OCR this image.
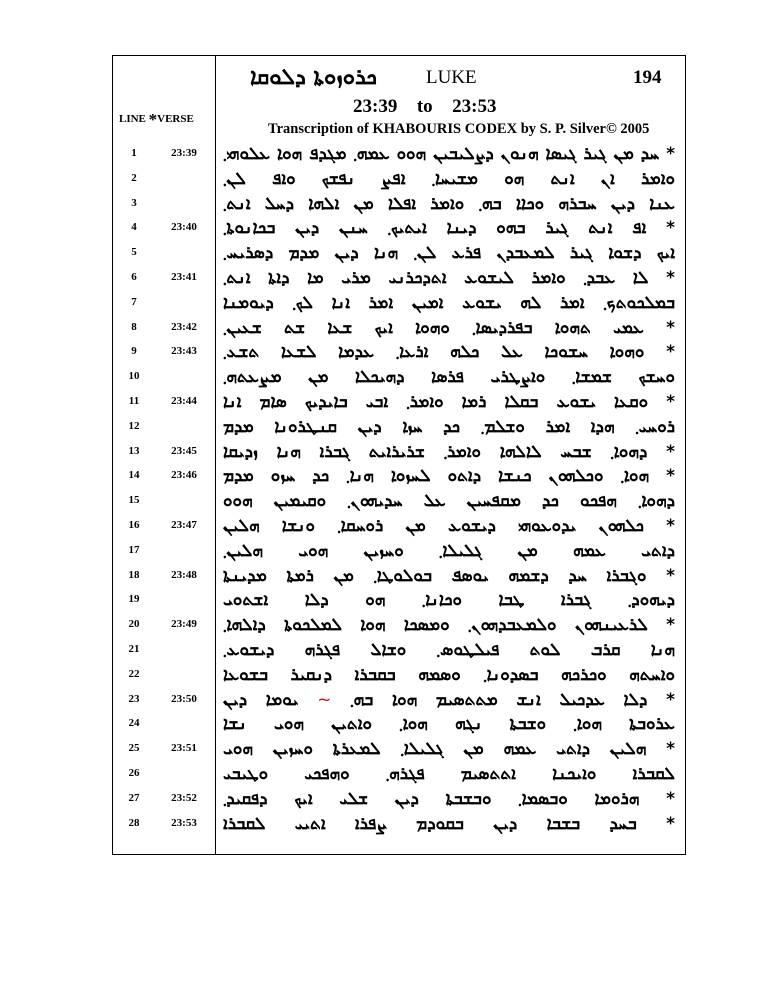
ܟܪܘܙܘܬܐ ܕܠܘܩܐ	LUKE	194
23:39 to 23:53
Transcription of KHABOURIS CODEX by S. P. Silver© 2005
LINE *VERSE
1	23:39 * ܚܕ ܡܢ ܓܝܪ ܓܝܣܐ ܗܢܘܢ ܕܨܠܝܒܝܢ ܗܘܘ ܥܡܗ܂ ܡܓܕܦ ܗܘܐ ܥܠܘܗܝ܂
2	ܘܐܡܪ ܐܢ ܐܢܬ ܗܘ ܡܫܝܚܐ܂ ܐܦܨ ܢܦܫܟ ܘܐܦ ܠܢ܂
3	ܥܢܐ ܕܝܢ ܚܒܪܗ ܘܟܐܐ ܒܗ܂ ܘܐܡܪ ܐܦܠܐ ܡܢ ܐܠܗܐ ܕܚܠ ܐܢܬ܂
4	23:40 * ܐܦ ܐܢܬ ܓܝܪ ܒܗܘ ܕܝܢܐ ܐܝܬܝܟ܂ ܚܢܢ ܕܝܢ ܒܟܐܢܘܬܐ܂
5	ܐܝܟ ܕܫܘܐ ܓܝܪ ܠܡܥܒܕܢ ܦܪܥ ܠܢ܂ ܗܢܐ ܕܝܢ ܡܕܡ ܕܣܪܝܚ܂
6	23:41 * ܠܐ ܥܒܕ܂ ܘܐܡܪ ܠܝܫܘܥ ܐܬܕܟܪܢܝ ܡܪܝ ܡܐ ܕܐܬܐ ܐܢܬ܂
7	ܒܡܠܟܘܬܟ܂ ܐܡܪ ܠܗ ܝܫܘܥ ܐܡܝܢ ܐܡܪ ܐܢܐ ܠܟ܂ ܕܝܘܡܢܐ
8	23:42 * ܥܡܝ ܬܗܘܐ ܒܦܪܕܝܣܐ܂ ܘܗܘܐ ܐܝܟ ܫܥܐ ܫܬ ܫܥܝܢ܂
9	23:43 * ܘܗܘܐ ܚܫܘܟܐ ܥܠ ܟܠܗ ܐܪܥܐ܂ ܥܕܡܐ ܠܫܥܐ ܬܫܥ܂
10	ܘܚܫܟ ܫܡܫܐ܂ ܘܐܨܛܪܝ ܦܪܣܐ ܕܗܝܟܠܐ ܡܢ ܡܨܥܬܗ܂
11	23:44 * ܘܩܥܐ ܝܫܘܥ ܒܩܠܐ ܪܡܐ ܘܐܡܪ܂ ܐܒܝ ܒܐܝܕܝܟ ܣܐܡ ܐܢܐ
12	ܪܘܚܝ܂ ܗܕܐ ܐܡܪ ܘܫܠܡ܂ ܟܕ ܚܙܐ ܕܝܢ ܩܢܛܪܘܢܐ ܡܕܡ
13	23:45 * ܕܗܘܐ܂ ܫܒܚ ܠܐܠܗܐ ܘܐܡܪ܂ ܫܪܝܪܐܝܬ ܓܒܪܐ ܗܢܐ ܙܕܝܩܐ
14	23:46 * ܗܘܐ܂ ܘܟܠܗܘܢ ܟܢܫܐ ܕܐܬܘ ܠܚܙܘܐ ܗܢܐ܂ ܟܕ ܚܙܘ ܡܕܡ
15	ܕܗܘܐ܂ ܗܦܟܘ ܟܕ ܡܩܦܚܝܢ ܥܠ ܚܕܝܗܘܢ܂ ܘܩܝܡܝܢ ܗܘܘ
16	23:47 * ܟܠܗܘܢ ܝܕܘܥܘܗܝ ܕܝܫܘܥ ܡܢ ܪܘܚܩܐ܂ ܘܢܫܐ ܗܠܝܢ
17	ܕܐܬܝ ܥܡܗ ܡܢ ܓܠܝܠܐ܂ ܘܚܙܝܢ ܗܘܝ ܗܠܝܢ܂
18	23:48 * ܘܓܒܪܐ ܚܕ ܕܫܡܗ ܝܘܣܦ ܒܘܠܘܛܐ܂ ܡܢ ܪܡܬܐ ܡܕܝܢܬܐ
19	ܕܝܗܘܕ܂ ܓܒܪܐ ܛܒܐ ܘܟܐܢܐ܂ ܗܘ ܕܠܐ ܐܫܬܘܝ
20	23:49 * ܠܪܥܝܢܗܘܢ ܘܠܡܥܒܕܗܘܢ܂ ܘܡܣܟܐ ܗܘܐ ܠܡܠܟܘܬܐ ܕܐܠܗܐ܂
21	ܗܢܐ ܩܪܒ ܠܘܬ ܦܝܠܛܘܣ܂ ܘܫܐܠ ܦܓܪܗ ܕܝܫܘܥ܂
22	ܘܐܚܬܗ ܘܟܪܟܗ ܒܣܕܘܢܐ܂ ܘܣܡܗ ܒܩܒܪܐ ܕܢܩܝܪ ܒܫܘܥܐ
23	23:50	* ܕܠܐ ܥܕܟܝܠ ܐܢܫ ܡܬܬܣܝܡ ܗܘܐ ܒܗ܂ ~ ܝܘܡܐ ܕܝܢ
24	ܥܪܘܒܬܐ ܗܘܐ܂ ܘܫܒܬܐ ܢܓܗ ܗܘܐ܂ ܘܐܬܝܢ ܗܘܝ ܢܫܐ
25	23:51 * ܗܠܝܢ ܕܐܬܝ ܥܡܗ ܡܢ ܓܠܝܠܐ܂ ܠܡܥܪܬܐ ܘܚܙܝܢ ܗܘܝ
26	ܠܩܒܪܐ ܘܐܝܟܢܐ ܐܬܬܣܝܡ ܦܓܪܗ܂ ܘܗܦܟܝ ܘܛܝܒܝ
27	23:52 * ܗܪܘܡܐ ܘܒܣܡܐ܂ ܘܒܫܒܬܐ ܕܝܢ ܫܠܝ ܐܝܟ ܕܦܩܝܕ܂
28	23:53 * ܒܚܕ ܒܫܒܐ ܕܝܢ ܒܩܘܕܡ ܨܦܪܐ ܐܬܝܝ ܠܩܒܪܐ
